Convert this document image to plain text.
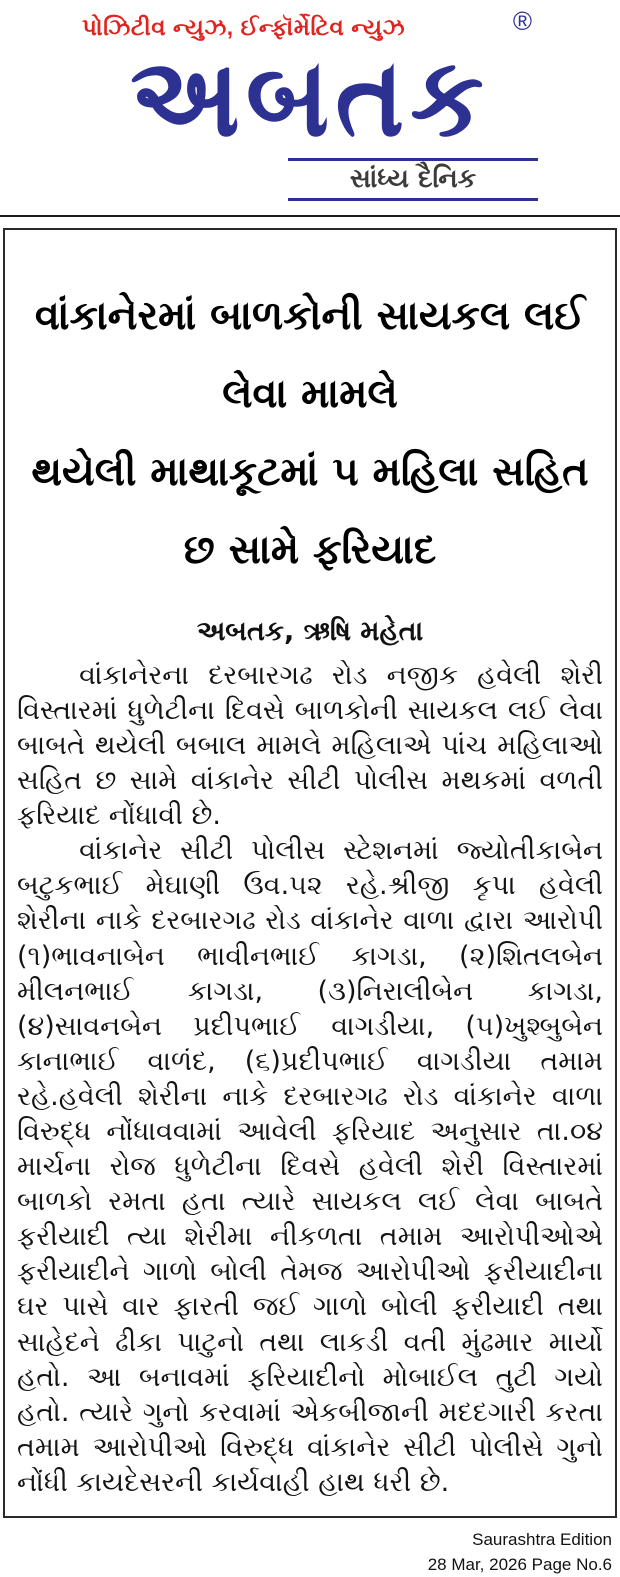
પોઝિટીવ ન્યુઝ, ઈન્ફૉર્મેટિવ ન્યુઝ	®
અબતક
સાંધ્ય દૈનિક
વાંકાનેરમાં બાળકોની સાયકલ લઈ લેવા મામલે
થયેલી માથાકૂટમાં ૫ મહિલા સહિત છ સામે ફરિયાદ
અબતક, ઋષિ મહેતા

વાંકાનેરના દરબારગઢ રોડ નજીક હવેલી શેરી વિસ્તારમાં ધુળેટીના દિવસે બાળકોની સાયકલ લઈ લેવા બાબતે થયેલી બબાલ મામલે મહિલાએ પાંચ મહિલાઓ સહિત છ સામે વાંકાનેર સીટી પોલીસ મથકમાં વળતી ફરિયાદ નોંધાવી છે.

વાંકાનેર સીટી પોલીસ સ્ટેશનમાં જ્યોતીકાબેન બટુકભાઈ મેઘાણી ઉવ.૫૨ રહે.શ્રીજી કૃપા હવેલી શેરીના નાકે દરબારગઢ રોડ વાંકાનેર વાળા દ્વારા આરોપી (૧)ભાવનાબેન ભાવીનભાઈ કાગડા, (૨)શિતલબેન મીલનભાઈ કાગડા, (૩)નિરાલીબેન કાગડા, (૪)સાવનબેન પ્રદીપભાઈ વાગડીયા, (૫)ખુશ્બુબેન કાનાભાઈ વાળંદ, (૬)પ્રદીપભાઈ વાગડીયા તમામ રહે.હવેલી શેરીના નાકે દરબારગઢ રોડ વાંકાનેર વાળા વિરુદ્ધ નોંધાવવામાં આવેલી ફરિયાદ અનુસાર તા.૦૪ માર્ચના રોજ ધુળેટીના દિવસે હવેલી શેરી વિસ્તારમાં બાળકો રમતા હતા ત્યારે સાયકલ લઈ લેવા બાબતે ફરીયાદી ત્યા શેરીમા નીકળતા તમામ આરોપીઓએ ફરીયાદીને ગાળો બોલી તેમજ આરોપીઓ ફરીયાદીના ઘર પાસે વાર ફારતી જઈ ગાળો બોલી ફરીયાદી તથા સાહેદને ઢીકા પાટુનો તથા લાકડી વતી મુંઢમાર માર્યો હતો. આ બનાવમાં ફરિયાદીનો મોબાઈલ તુટી ગયો હતો. ત્યારે ગુનો કરવામાં એકબીજાની મદદગારી કરતા તમામ આરોપીઓ વિરુદ્ધ વાંકાનેર સીટી પોલીસે ગુનો નોંધી કાયદેસરની કાર્યવાહી હાથ ધરી છે.

Saurashtra Edition
28 Mar, 2026 Page No.6
